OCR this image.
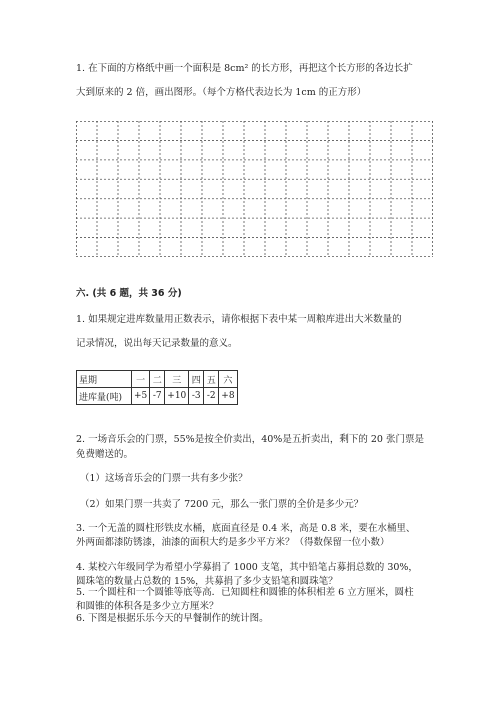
1. 在下面的方格纸中画一个面积是 8cm² 的长方形，再把这个长方形的各边长扩
大到原来的 2 倍，画出图形。（每个方格代表边长为 1cm 的正方形）
六. (共 6 题，共 36 分)
1. 如果规定进库数量用正数表示，请你根据下表中某一周粮库进出大米数量的
记录情况，说出每天记录数量的意义。
星期	一	二	三	四	五	六
进库量(吨)	+5	-7	+10	-3	-2	+8
2. 一场音乐会的门票，55%是按全价卖出，40%是五折卖出，剩下的 20 张门票是
免费赠送的。
（1）这场音乐会的门票一共有多少张？
（2）如果门票一共卖了 7200 元，那么一张门票的全价是多少元？
3. 一个无盖的圆柱形铁皮水桶，底面直径是 0.4 米，高是 0.8 米，要在水桶里、外两面都漆防锈漆，油漆的面积大约是多少平方米？（得数保留一位小数）
4. 某校六年级同学为希望小学募捐了 1000 支笔，其中铅笔占募捐总数的 30%，圆珠笔的数量占总数的 15%，共募捐了多少支铅笔和圆珠笔？
5. 一个圆柱和一个圆锥等底等高．已知圆柱和圆锥的体积相差 6 立方厘米，圆柱和圆锥的体积各是多少立方厘米？
6. 下图是根据乐乐今天的早餐制作的统计图。
